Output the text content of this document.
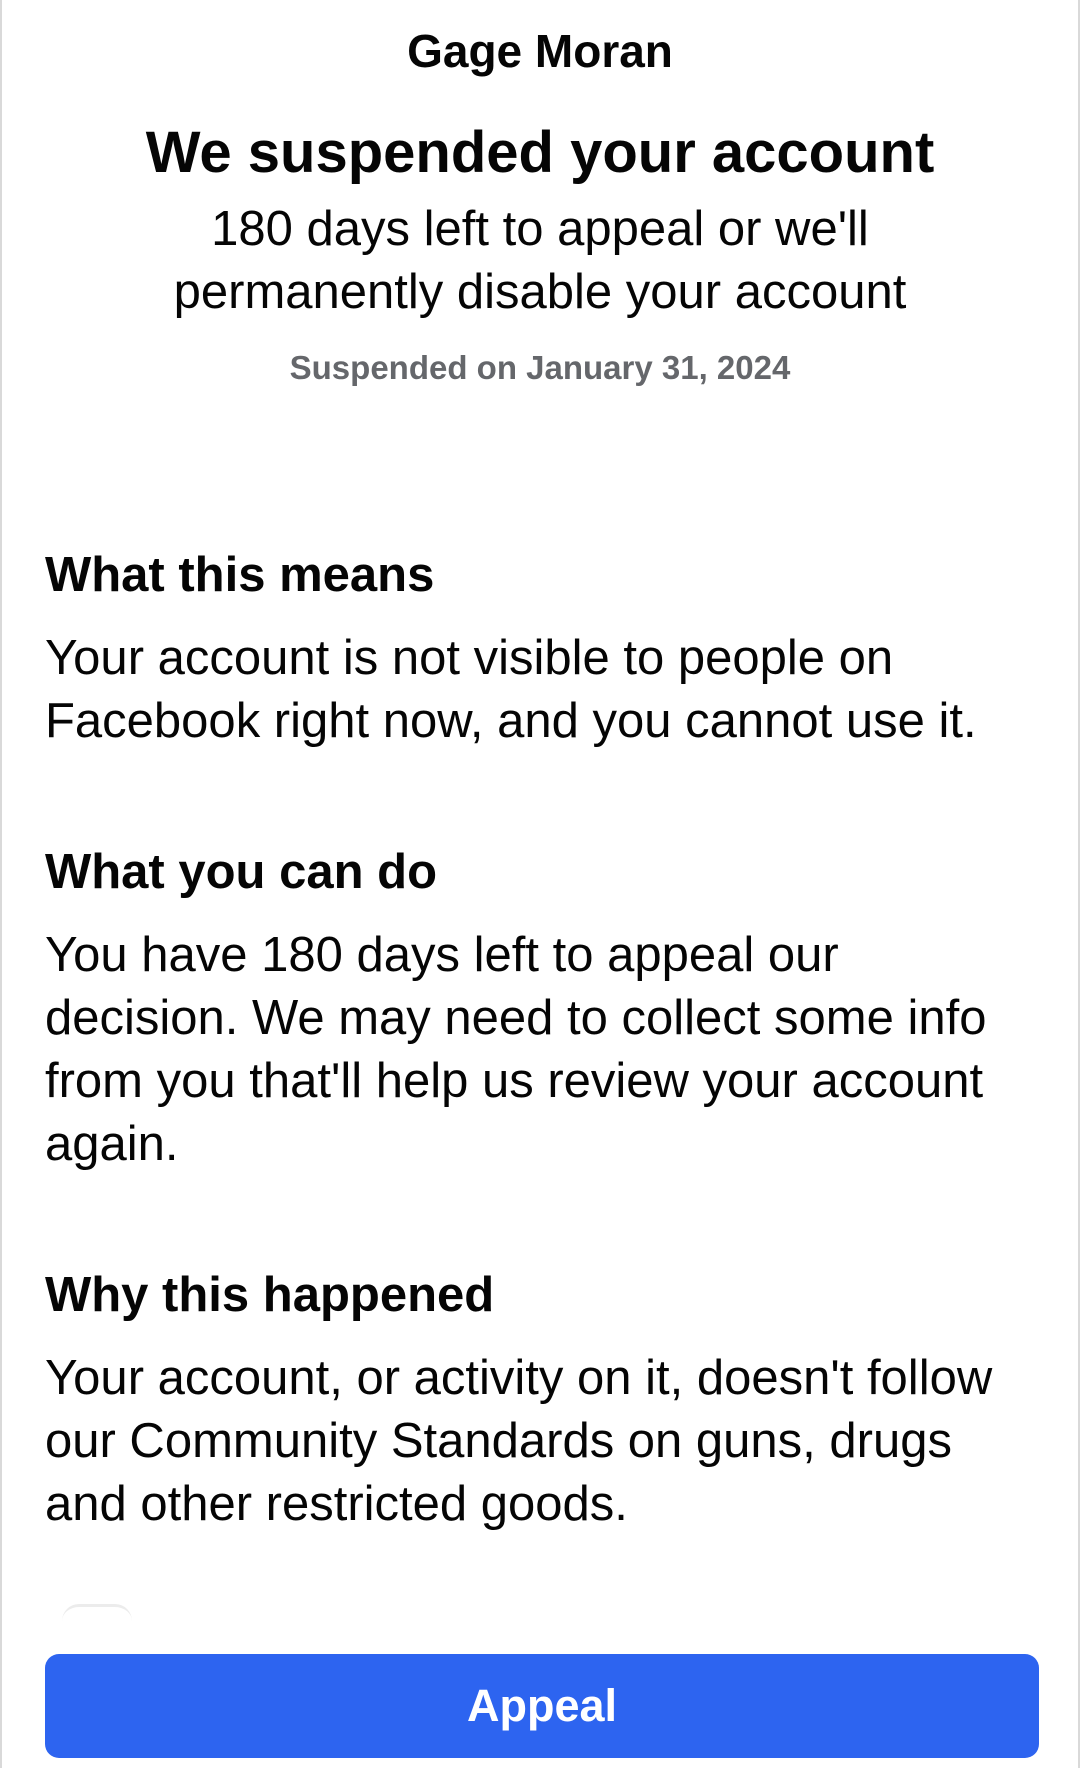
Gage Moran
We suspended your account
180 days left to appeal or we'll permanently disable your account
Suspended on January 31, 2024
What this means

Your account is not visible to people on Facebook right now, and you cannot use it.

What you can do

You have 180 days left to appeal our decision. We may need to collect some info from you that'll help us review your account again.

Why this happened

Your account, or activity on it, doesn't follow our Community Standards on guns, drugs and other restricted goods.

Appeal
